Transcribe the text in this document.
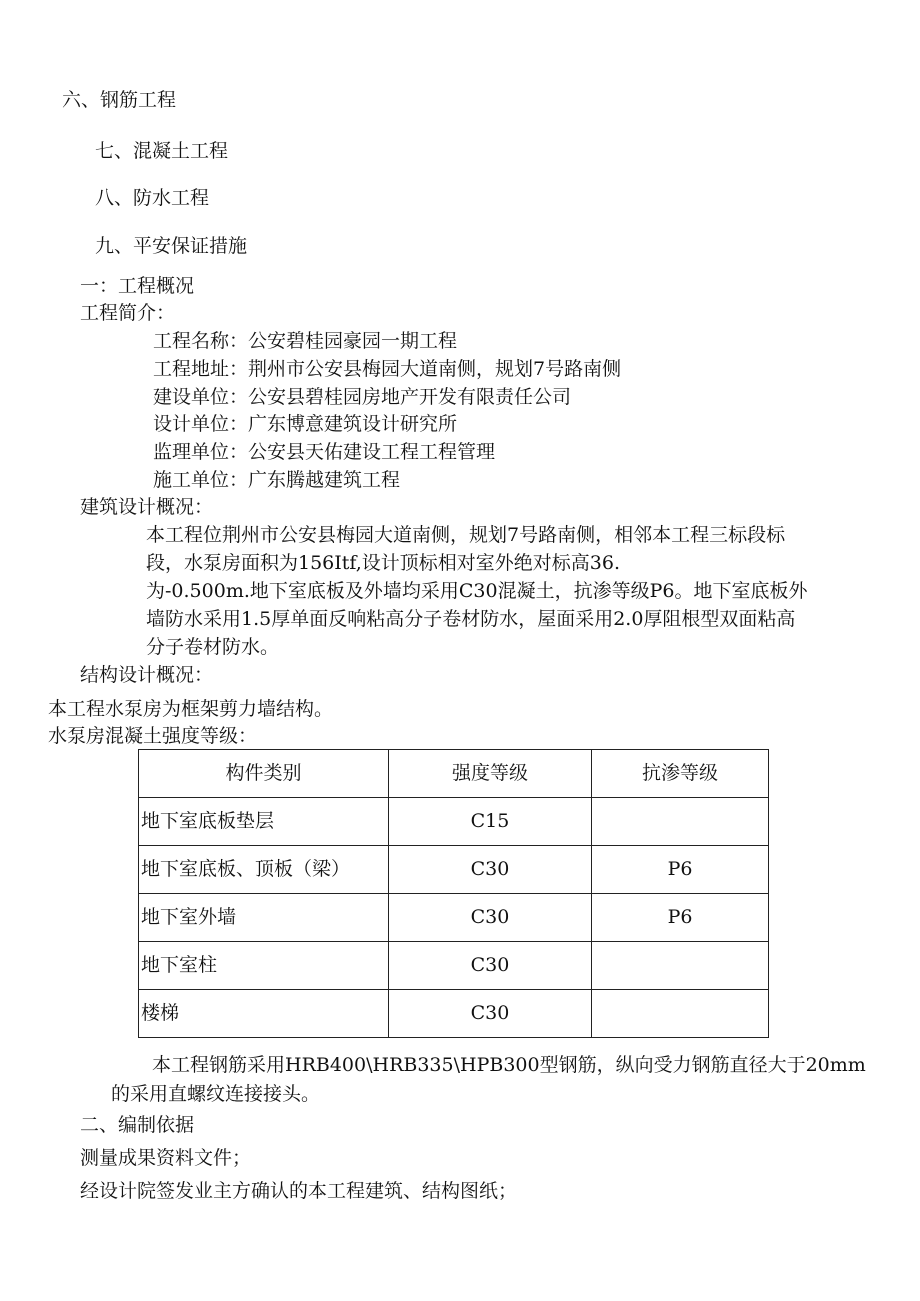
六、钢筋工程
七、混凝土工程
八、防水工程
九、平安保证措施
一：工程概况
工程简介：
工程名称：公安碧桂园豪园一期工程
工程地址：荆州市公安县梅园大道南侧，规划7号路南侧
建设单位：公安县碧桂园房地产开发有限责任公司
设计单位：广东博意建筑设计研究所
监理单位：公安县天佑建设工程工程管理
施工单位：广东腾越建筑工程
建筑设计概况：
本工程位荆州市公安县梅园大道南侧，规划7号路南侧，相邻本工程三标段标
段，水泵房面积为156Itf,设计顶标相对室外绝对标高36.
为-0.500m.地下室底板及外墙均采用C30混凝土，抗渗等级P6。地下室底板外
墙防水采用1.5厚单面反响粘高分子卷材防水，屋面采用2.0厚阻根型双面粘高
分子卷材防水。
结构设计概况：
本工程水泵房为框架剪力墙结构。
水泵房混凝土强度等级：
构件类别	强度等级	抗渗等级
地下室底板垫层	C15	
地下室底板、顶板（梁）	C30	P6
地下室外墙	C30	P6
地下室柱	C30	
楼梯	C30	
本工程钢筋采用HRB400\HRB335\HPB300型钢筋，纵向受力钢筋直径大于20mm
的采用直螺纹连接接头。
二、编制依据
测量成果资料文件；
经设计院签发业主方确认的本工程建筑、结构图纸；
